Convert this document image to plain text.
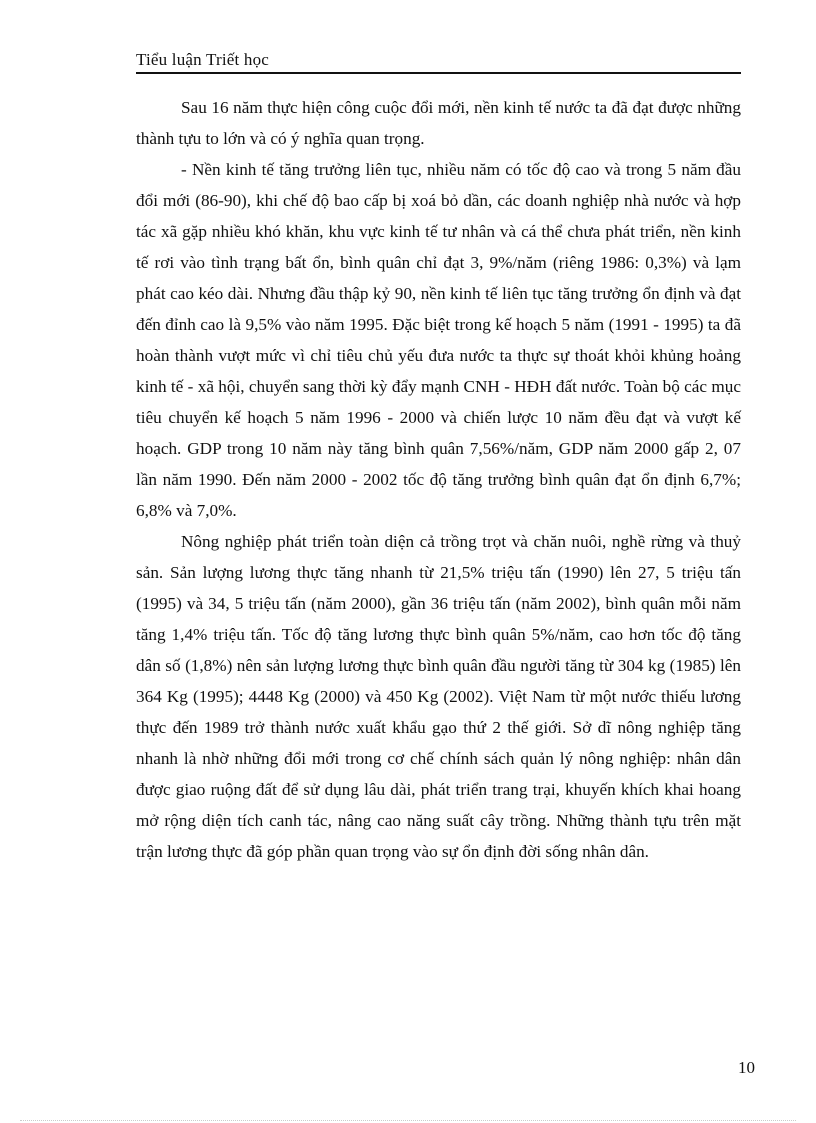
Tiểu luận Triết học

Sau 16 năm thực hiện công cuộc đổi mới, nền kinh tế nước ta đã đạt được những thành tựu to lớn và có ý nghĩa quan trọng.

- Nền kinh tế tăng trưởng liên tục, nhiều năm có tốc độ cao và trong 5 năm đầu đổi mới (86-90), khi chế độ bao cấp bị xoá bỏ dần, các doanh nghiệp nhà nước và hợp tác xã gặp nhiều khó khăn, khu vực kinh tế tư nhân và cá thể chưa phát triển, nền kinh tế rơi vào tình trạng bất ổn, bình quân chỉ đạt 3, 9%/năm (riêng 1986: 0,3%) và lạm phát cao kéo dài. Nhưng đầu thập kỷ 90, nền kinh tế liên tục tăng trưởng ổn định và đạt đến đỉnh cao là 9,5% vào năm 1995. Đặc biệt trong kế hoạch 5 năm (1991 - 1995) ta đã hoàn thành vượt mức vì chỉ tiêu chủ yếu đưa nước ta thực sự thoát khỏi khủng hoảng kinh tế - xã hội, chuyển sang thời kỳ đẩy mạnh CNH - HĐH đất nước. Toàn bộ các mục tiêu chuyển kế hoạch 5 năm 1996 - 2000 và chiến lược 10 năm đều đạt và vượt kế hoạch. GDP trong 10 năm này tăng bình quân 7,56%/năm, GDP năm 2000 gấp 2, 07 lần năm 1990. Đến năm 2000 - 2002 tốc độ tăng trưởng bình quân đạt ổn định 6,7%; 6,8% và 7,0%.

Nông nghiệp phát triển toàn diện cả trồng trọt và chăn nuôi, nghề rừng và thuỷ sản. Sản lượng lương thực tăng nhanh từ 21,5% triệu tấn (1990) lên 27, 5 triệu tấn (1995) và 34, 5 triệu tấn (năm 2000), gần 36 triệu tấn (năm 2002), bình quân mỗi năm tăng 1,4% triệu tấn. Tốc độ tăng lương thực bình quân 5%/năm, cao hơn tốc độ tăng dân số (1,8%) nên sản lượng lương thực bình quân đầu người tăng từ 304 kg (1985) lên 364 Kg (1995); 4448 Kg (2000) và 450 Kg (2002). Việt Nam từ một nước thiếu lương thực đến 1989 trở thành nước xuất khẩu gạo thứ 2 thế giới. Sở dĩ nông nghiệp tăng nhanh là nhờ những đổi mới trong cơ chế chính sách quản lý nông nghiệp: nhân dân được giao ruộng đất để sử dụng lâu dài, phát triển trang trại, khuyến khích khai hoang mở rộng diện tích canh tác, nâng cao năng suất cây trồng. Những thành tựu trên mặt trận lương thực đã góp phần quan trọng vào sự ổn định đời sống nhân dân.

10
